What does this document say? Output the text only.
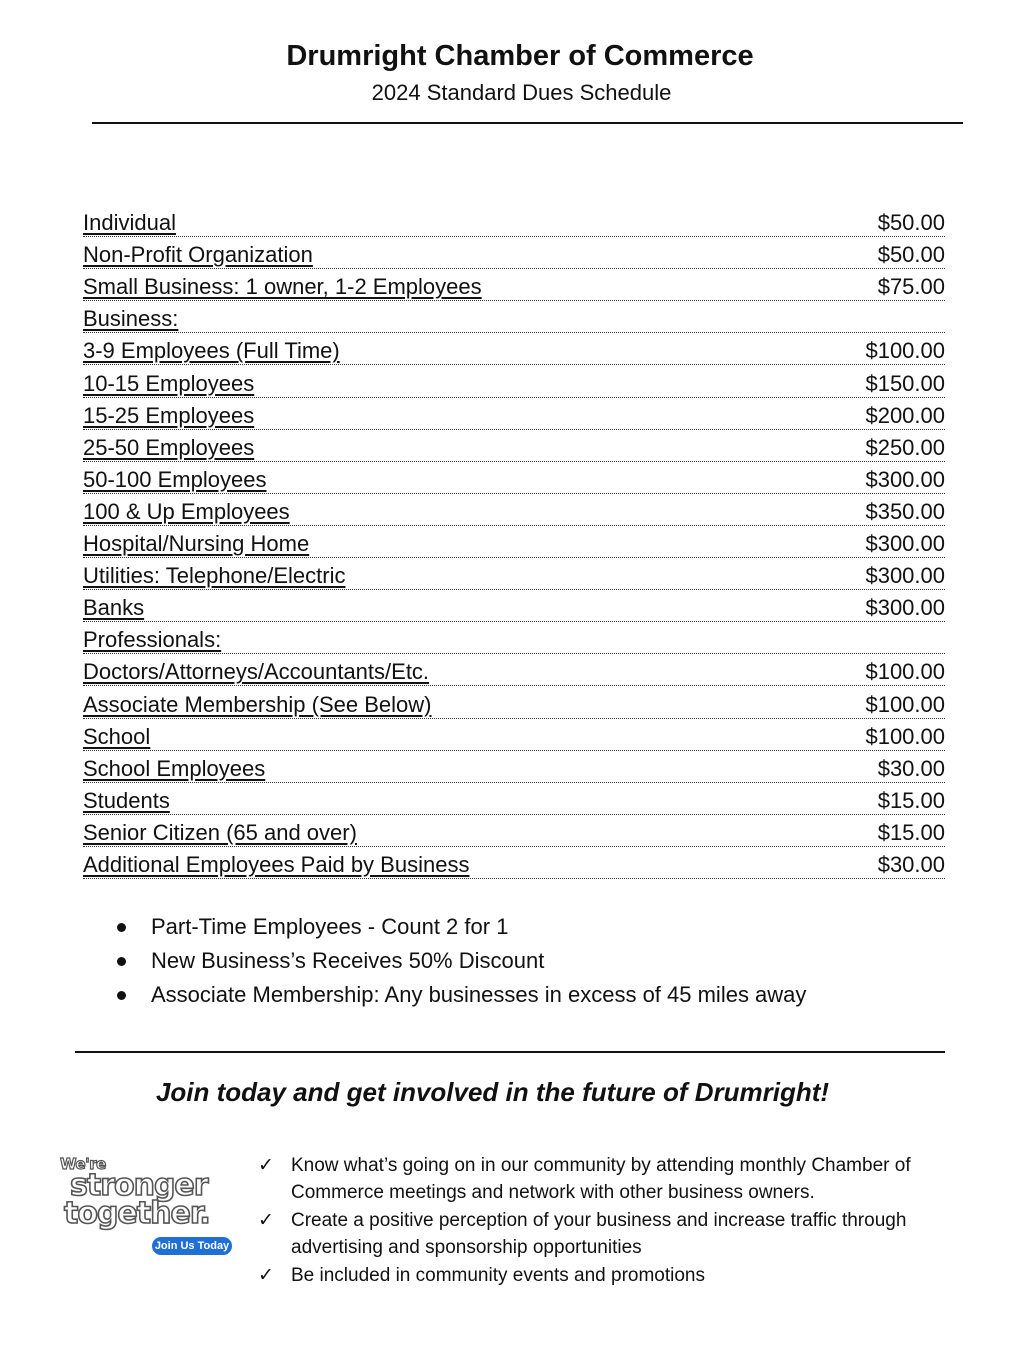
Drumright Chamber of Commerce
2024 Standard Dues Schedule
Individual	$50.00
Non-Profit Organization	$50.00
Small Business: 1 owner, 1-2 Employees	$75.00
Business:
3-9 Employees (Full Time)	$100.00
10-15 Employees	$150.00
15-25 Employees	$200.00
25-50 Employees	$250.00
50-100 Employees	$300.00
100 & Up Employees	$350.00
Hospital/Nursing Home	$300.00
Utilities: Telephone/Electric	$300.00
Banks	$300.00
Professionals:
Doctors/Attorneys/Accountants/Etc.	$100.00
Associate Membership (See Below)	$100.00
School	$100.00
School Employees	$30.00
Students	$15.00
Senior Citizen (65 and over)	$15.00
Additional Employees Paid by Business	$30.00
Part-Time Employees - Count 2 for 1
New Business’s Receives 50% Discount
Associate Membership: Any businesses in excess of 45 miles away
Join today and get involved in the future of Drumright!
We're
stronger
together.
Join Us Today
✓ Know what’s going on in our community by attending monthly Chamber of Commerce meetings and network with other business owners.
✓ Create a positive perception of your business and increase traffic through advertising and sponsorship opportunities
✓ Be included in community events and promotions
